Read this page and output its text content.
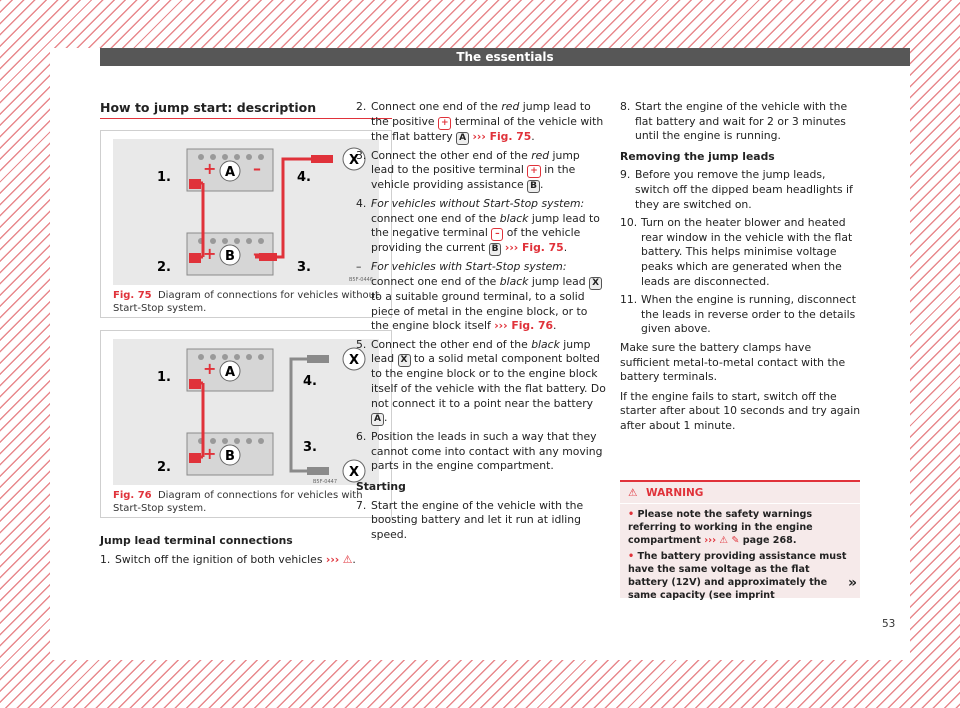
The essentials
How to jump start: description
+ –
+ –
A
B
X
1.
2.	3.
4.
B5F-0446
Fig. 75 Diagram of connections for vehicles without Start-Stop system.
+
+
A
B
X
X
1.
2.
3.
4.
B5F-0447
Fig. 76 Diagram of connections for vehicles with Start-Stop system.
Jump lead terminal connections
1. Switch off the ignition of both vehicles ››› ⚠.
2. Connect one end of the red jump lead to the positive + terminal of the vehicle with the flat battery A ››› Fig. 75.
3. Connect the other end of the red jump lead to the positive terminal + in the vehicle providing assistance B .
4. For vehicles without Start-Stop system: connect one end of the black jump lead to the negative terminal – of the vehicle providing the current B ››› Fig. 75.
– For vehicles with Start-Stop system: connect one end of the black jump lead X to a suitable ground terminal, to a solid piece of metal in the engine block, or to the engine block itself ››› Fig. 76.
5. Connect the other end of the black jump lead X to a solid metal component bolted to the engine block or to the engine block itself of the vehicle with the flat battery. Do not connect it to a point near the battery A .
6. Position the leads in such a way that they cannot come into contact with any moving parts in the engine compartment.
Starting
7. Start the engine of the vehicle with the boosting battery and let it run at idling speed.
8. Start the engine of the vehicle with the flat battery and wait for 2 or 3 minutes until the engine is running.
Removing the jump leads
9. Before you remove the jump leads, switch off the dipped beam headlights if they are switched on.
10. Turn on the heater blower and heated rear window in the vehicle with the flat battery. This helps minimise voltage peaks which are generated when the leads are disconnected.
11. When the engine is running, disconnect the leads in reverse order to the details given above.
Make sure the battery clamps have sufficient metal-to-metal contact with the battery terminals.
If the engine fails to start, switch off the starter after about 10 seconds and try again after about 1 minute.
⚠ WARNING
• Please note the safety warnings referring to working in the engine compartment ››› ⚠ ✎ page 268.
• The battery providing assistance must have the same voltage as the flat battery (12V) and approximately the same capacity (see imprint
»
53
